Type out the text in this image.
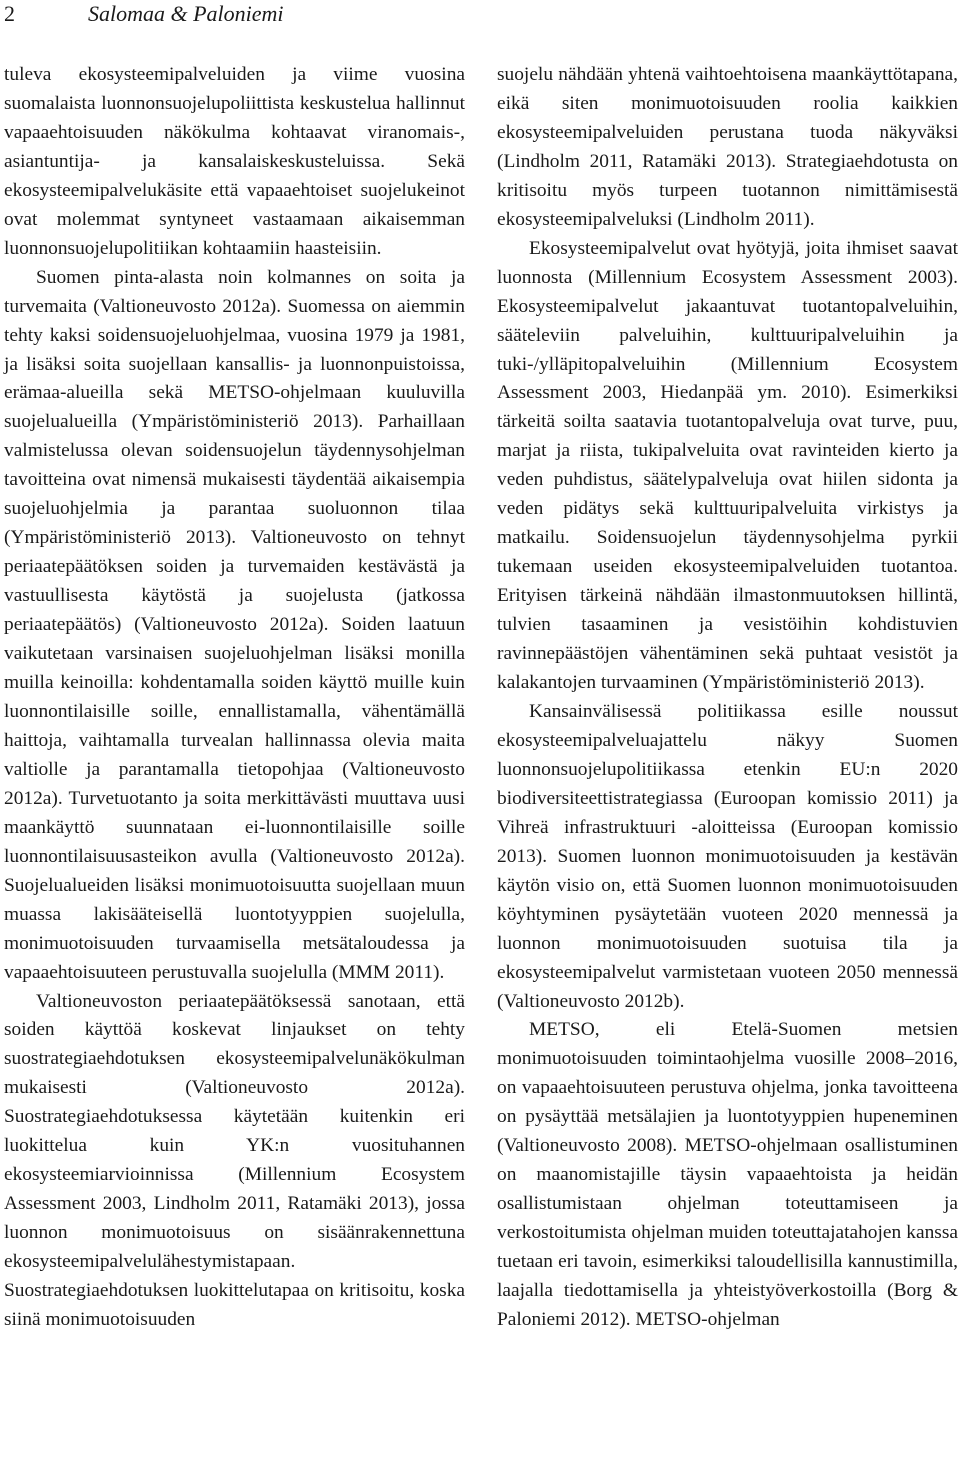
2	Salomaa & Paloniemi

tuleva ekosysteemipalveluiden ja viime vuosina suomalaista luonnonsuojelupoliittista keskustelua hallinnut vapaaehtoisuuden näkökulma kohtaavat viranomais-, asiantuntija- ja kansalaiskeskusteluissa. Sekä ekosysteemipalvelukäsite että vapaaehtoiset suojelukeinot ovat molemmat syntyneet vastaamaan aikaisemman luonnonsuojelupolitiikan kohtaamiin haasteisiin.

Suomen pinta-alasta noin kolmannes on soita ja turvemaita (Valtioneuvosto 2012a). Suomessa on aiemmin tehty kaksi soidensuojeluohjelmaa, vuosina 1979 ja 1981, ja lisäksi soita suojellaan kansallis- ja luonnonpuistoissa, erämaa-alueilla sekä METSO-ohjelmaan kuuluvilla suojelualueilla (Ympäristöministeriö 2013). Parhaillaan valmistelussa olevan soidensuojelun täydennysohjelman tavoitteina ovat nimensä mukaisesti täydentää aikaisempia suojeluohjelmia ja parantaa suoluonnon tilaa (Ympäristöministeriö 2013). Valtioneuvosto on tehnyt periaatepäätöksen soiden ja turvemaiden kestävästä ja vastuullisesta käytöstä ja suojelusta (jatkossa periaatepäätös) (Valtioneuvosto 2012a). Soiden laatuun vaikutetaan varsinaisen suojeluohjelman lisäksi monilla muilla keinoilla: kohdentamalla soiden käyttö muille kuin luonnontilaisille soille, ennallistamalla, vähentämällä haittoja, vaihtamalla turvealan hallinnassa olevia maita valtiolle ja parantamalla tietopohjaa (Valtioneuvosto 2012a). Turvetuotanto ja soita merkittävästi muuttava uusi maankäyttö suunnataan ei-luonnontilaisille soille luonnontilaisuusasteikon avulla (Valtioneuvosto 2012a). Suojelualueiden lisäksi monimuotoisuutta suojellaan muun muassa lakisääteisellä luontotyyppien suojelulla, monimuotoisuuden turvaamisella metsätaloudessa ja vapaaehtoisuuteen perustuvalla suojelulla (MMM 2011).

Valtioneuvoston periaatepäätöksessä sanotaan, että soiden käyttöä koskevat linjaukset on tehty suostrategiaehdotuksen ekosysteemipalvelunäkökulman mukaisesti (Valtioneuvosto 2012a). Suostrategiaehdotuksessa käytetään kuitenkin eri luokittelua kuin YK:n vuosituhannen ekosysteemiarvioinnissa (Millennium Ecosystem Assessment 2003, Lindholm 2011, Ratamäki 2013), jossa luonnon monimuotoisuus on sisäänrakennettuna ekosysteemipalvelulähestymistapaan. Suostrategiaehdotuksen luokittelutapaa on kritisoitu, koska siinä monimuotoisuuden

suojelu nähdään yhtenä vaihtoehtoisena maankäyttötapana, eikä siten monimuotoisuuden roolia kaikkien ekosysteemipalveluiden perustana tuoda näkyväksi (Lindholm 2011, Ratamäki 2013). Strategiaehdotusta on kritisoitu myös turpeen tuotannon nimittämisestä ekosysteemipalveluksi (Lindholm 2011).

Ekosysteemipalvelut ovat hyötyjä, joita ihmiset saavat luonnosta (Millennium Ecosystem Assessment 2003). Ekosysteemipalvelut jakaantuvat tuotantopalveluihin, sääteleviin palveluihin, kulttuuripalveluihin ja tuki-/ylläpitopalveluihin (Millennium Ecosystem Assessment 2003, Hiedanpää ym. 2010). Esimerkiksi tärkeitä soilta saatavia tuotantopalveluja ovat turve, puu, marjat ja riista, tukipalveluita ovat ravinteiden kierto ja veden puhdistus, säätelypalveluja ovat hiilen sidonta ja veden pidätys sekä kulttuuripalveluita virkistys ja matkailu. Soidensuojelun täydennysohjelma pyrkii tukemaan useiden ekosysteemipalveluiden tuotantoa. Erityisen tärkeinä nähdään ilmastonmuutoksen hillintä, tulvien tasaaminen ja vesistöihin kohdistuvien ravinnepäästöjen vähentäminen sekä puhtaat vesistöt ja kalakantojen turvaaminen (Ympäristöministeriö 2013).

Kansainvälisessä politiikassa esille noussut ekosysteemipalveluajattelu näkyy Suomen luonnonsuojelupolitiikassa etenkin EU:n 2020 biodiversiteettistrategiassa (Euroopan komissio 2011) ja Vihreä infrastruktuuri -aloitteissa (Euroopan komissio 2013). Suomen luonnon monimuotoisuuden ja kestävän käytön visio on, että Suomen luonnon monimuotoisuuden köyhtyminen pysäytetään vuoteen 2020 mennessä ja luonnon monimuotoisuuden suotuisa tila ja ekosysteemipalvelut varmistetaan vuoteen 2050 mennessä (Valtioneuvosto 2012b).

METSO, eli Etelä-Suomen metsien monimuotoisuuden toimintaohjelma vuosille 2008–2016, on vapaaehtoisuuteen perustuva ohjelma, jonka tavoitteena on pysäyttää metsälajien ja luontotyyppien hupeneminen (Valtioneuvosto 2008). METSO-ohjelmaan osallistuminen on maanomistajille täysin vapaaehtoista ja heidän osallistumistaan ohjelman toteuttamiseen ja verkostoitumista ohjelman muiden toteuttajatahojen kanssa tuetaan eri tavoin, esimerkiksi taloudellisilla kannustimilla, laajalla tiedottamisella ja yhteistyöverkostoilla (Borg & Paloniemi 2012). METSO-ohjelman
